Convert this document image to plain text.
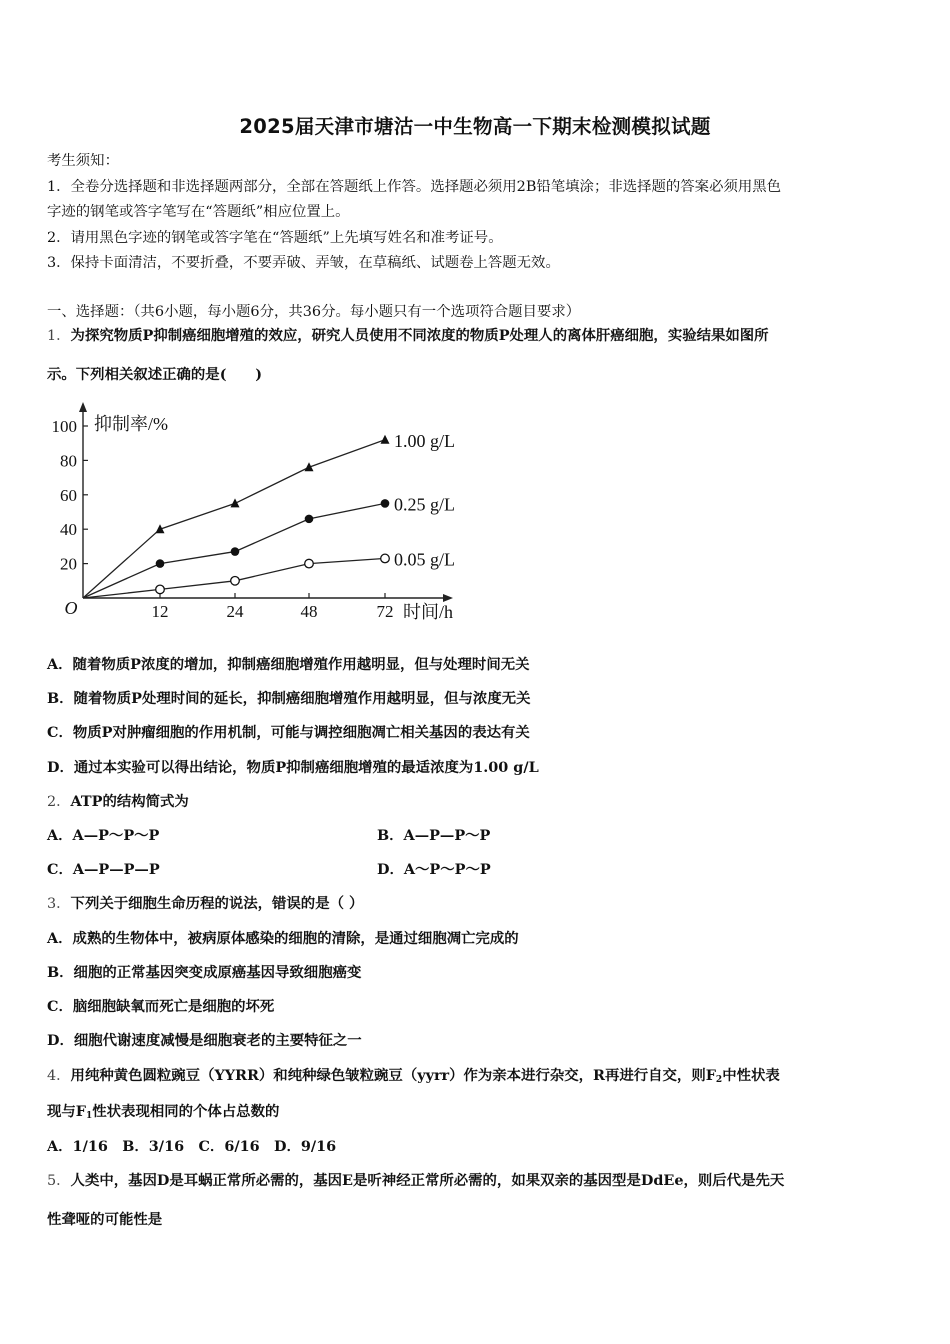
2025届天津市塘沽一中生物高一下期末检测模拟试题
考生须知：
1．全卷分选择题和非选择题两部分，全部在答题纸上作答。选择题必须用2B铅笔填涂；非选择题的答案必须用黑色
字迹的钢笔或答字笔写在“答题纸”相应位置上。
2．请用黑色字迹的钢笔或答字笔在“答题纸”上先填写姓名和准考证号。
3．保持卡面清洁，不要折叠，不要弄破、弄皱，在草稿纸、试题卷上答题无效。
一、选择题：（共6小题，每小题6分，共36分。每小题只有一个选项符合题目要求）
1．为探究物质P抑制癌细胞增殖的效应，研究人员使用不同浓度的物质P处理人的离体肝癌细胞，实验结果如图所
示。下列相关叙述正确的是(　　)
20
40
60
80
100
12	24	48	72
O
抑制率/%
时间/h
1.00 g/L
0.25 g/L
0.05 g/L
A．随着物质P浓度的增加，抑制癌细胞增殖作用越明显，但与处理时间无关
B．随着物质P处理时间的延长，抑制癌细胞增殖作用越明显，但与浓度无关
C．物质P对肿瘤细胞的作用机制，可能与调控细胞凋亡相关基因的表达有关
D．通过本实验可以得出结论，物质P抑制癌细胞增殖的最适浓度为1.00 g/L
2．ATP的结构简式为
A．A—P～P～P	B．A—P—P～P
C．A—P—P—P	D．A～P～P～P
3．下列关于细胞生命历程的说法，错误的是（ ）
A．成熟的生物体中，被病原体感染的细胞的清除，是通过细胞凋亡完成的
B．细胞的正常基因突变成原癌基因导致细胞癌变
C．脑细胞缺氧而死亡是细胞的坏死
D．细胞代谢速度减慢是细胞衰老的主要特征之一
4．用纯种黄色圆粒豌豆（YYRR）和纯种绿色皱粒豌豆（yyrr）作为亲本进行杂交，R再进行自交，则$F_2$中性状表
现与$F_1$性状表现相同的个体占总数的
A．1/16　B．3/16　C．6/16　D．9/16
5．人类中，基因D是耳蜗正常所必需的，基因E是听神经正常所必需的，如果双亲的基因型是DdEe，则后代是先天
性聋哑的可能性是
